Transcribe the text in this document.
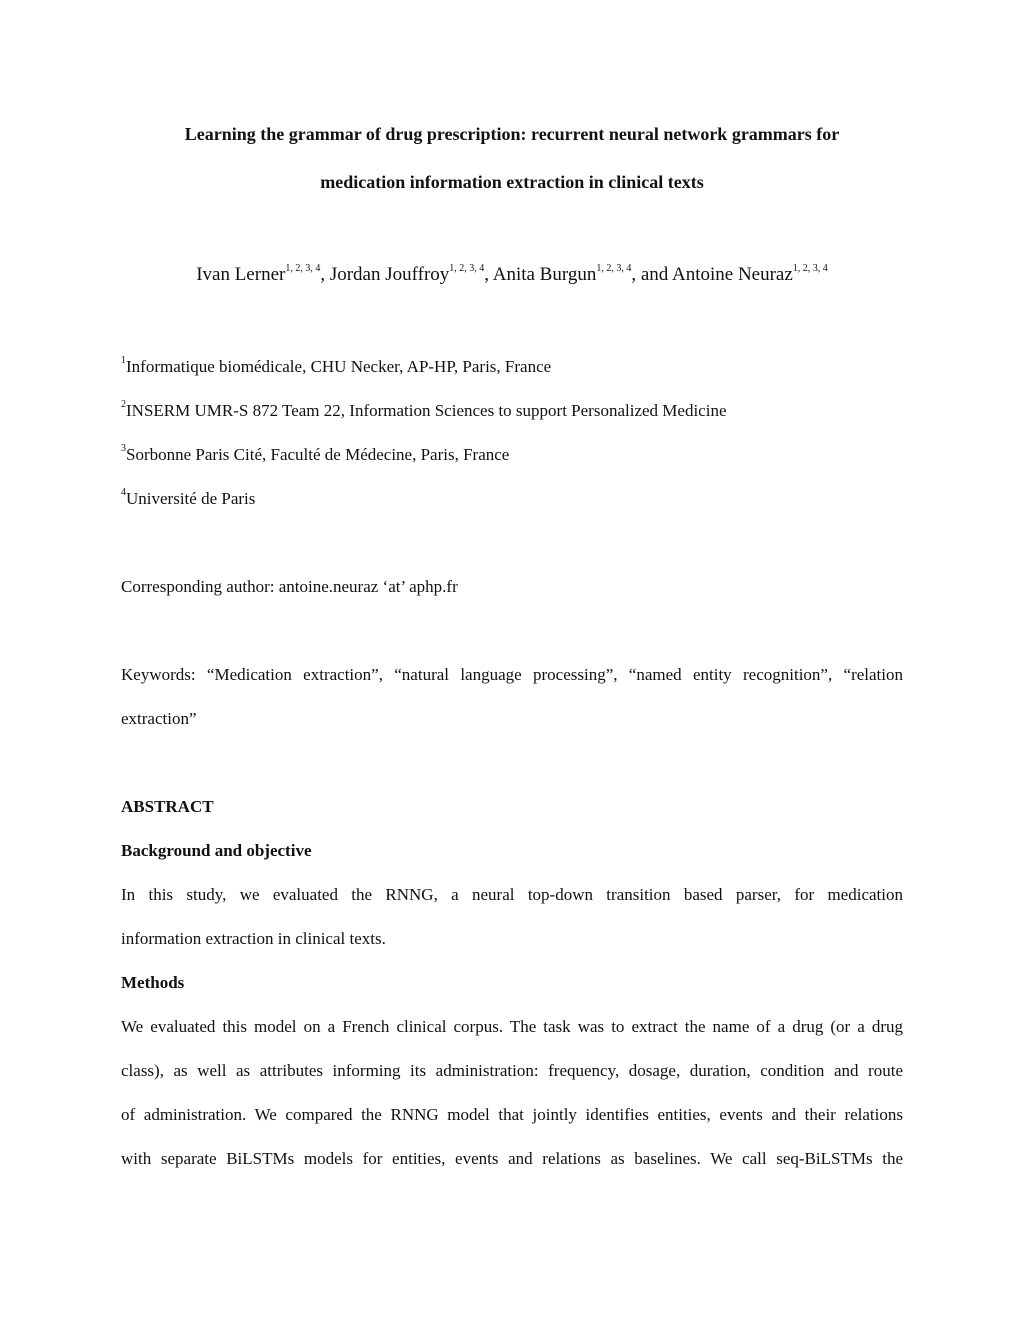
Learning the grammar of drug prescription: recurrent neural network grammars for

medication information extraction in clinical texts

Ivan Lerner$^{1, 2, 3, 4}$, Jordan Jouffroy$^{1, 2, 3, 4}$, Anita Burgun$^{1, 2, 3, 4}$, and Antoine Neuraz$^{1, 2, 3, 4}$

$^1$Informatique biomédicale, CHU Necker, AP-HP, Paris, France

$^2$INSERM UMR-S 872 Team 22, Information Sciences to support Personalized Medicine

$^3$Sorbonne Paris Cité, Faculté de Médecine, Paris, France

$^4$Université de Paris

Corresponding author: antoine.neuraz ‘at’ aphp.fr

Keywords: “Medication extraction”, “natural language processing”, “named entity recognition”, “relation

extraction”

ABSTRACT

Background and objective

In this study, we evaluated the RNNG, a neural top-down transition based parser, for medication

information extraction in clinical texts.

Methods

We evaluated this model on a French clinical corpus. The task was to extract the name of a drug (or a drug

class), as well as attributes informing its administration: frequency, dosage, duration, condition and route

of administration. We compared the RNNG model that jointly identifies entities, events and their relations

with separate BiLSTMs models for entities, events and relations as baselines. We call seq-BiLSTMs the
